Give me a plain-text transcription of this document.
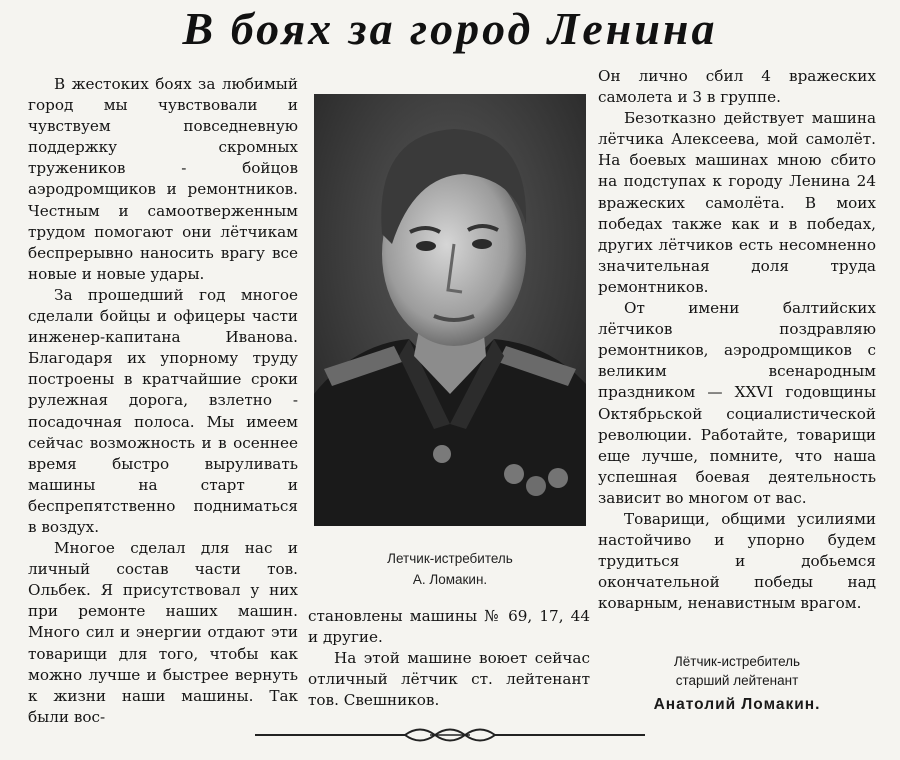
В боях за город Ленина

В жестоких боях за любимый город мы чувствовали и чувствуем повседневную поддержку скромных тружеников - бойцов аэродромщиков и ремонтников. Честным и самоотверженным трудом помогают они лётчикам беспрерывно наносить врагу все новые и новые удары.

За прошедший год многое сделали бойцы и офицеры части инженер-капитана Иванова. Благодаря их упорному труду построены в кратчайшие сроки рулежная дорога, взлетно - посадочная полоса. Мы имеем сейчас возможность и в осеннее время быстро выруливать машины на старт и беспрепятственно подниматься в воздух.

Многое сделал для нас и личный состав части тов. Ольбек. Я присутствовал у них при ремонте наших машин. Много сил и энергии отдают эти товарищи для того, чтобы как можно лучше и быстрее вернуть к жизни наши машины. Так были вос-

Летчик-истребитель
А. Ломакин.

становлены машины № 69, 17, 44 и другие.

На этой машине воюет сейчас отличный лётчик ст. лейтенант тов. Свешников.

Он лично сбил 4 вражеских самолета и 3 в группе.

Безотказно действует машина лётчика Алексеева, мой самолёт. На боевых машинах мною сбито на подступах к городу Ленина 24 вражеских самолёта. В моих победах также как и в победах, других лётчиков есть несомненно значительная доля труда ремонтников.

От имени балтийских лётчиков поздравляю ремонтников, аэродромщиков с великим всенародным праздником — XXVI годовщины Октябрьской социалистической революции. Работайте, товарищи еще лучше, помните, что наша успешная боевая деятельность зависит во многом от вас.

Товарищи, общими усилиями настойчиво и упорно будем трудиться и добьемся окончательной победы над коварным, ненавистным врагом.

Лётчик-истребитель
старший лейтенант
Анатолий Ломакин.
